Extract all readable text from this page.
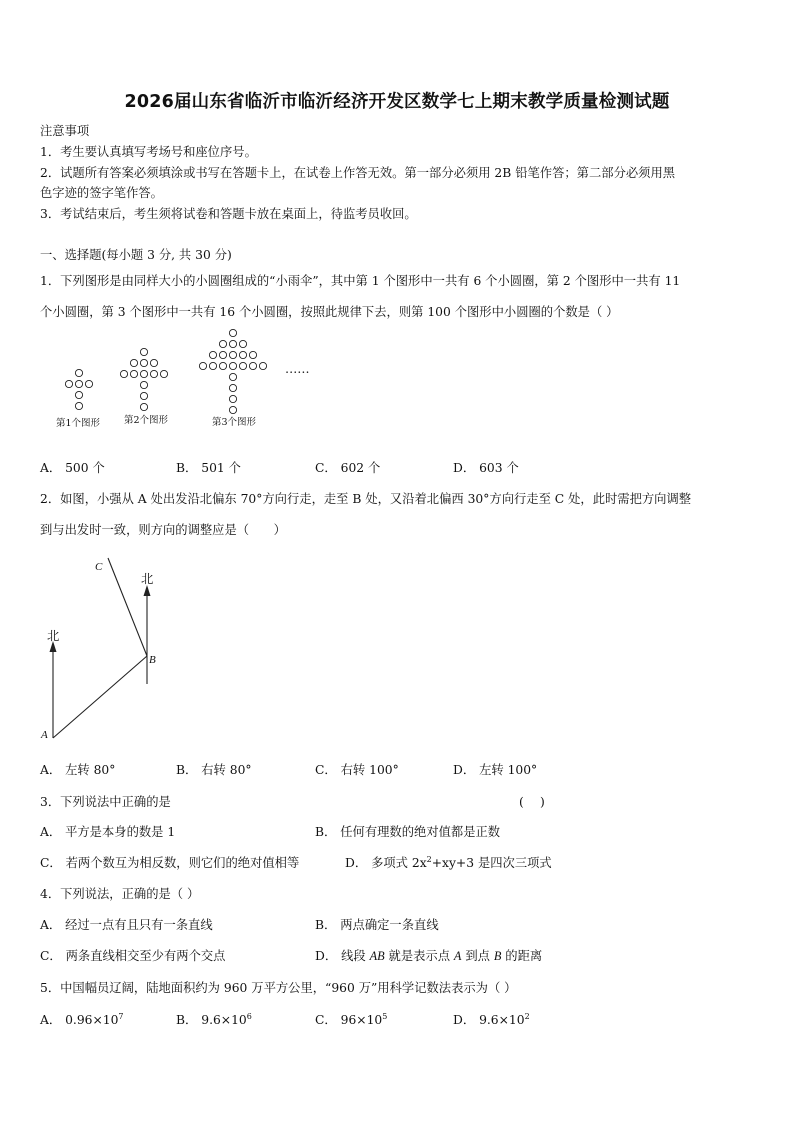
2026届山东省临沂市临沂经济开发区数学七上期末教学质量检测试题
注意事项
1．考生要认真填写考场号和座位序号。
2．试题所有答案必须填涂或书写在答题卡上，在试卷上作答无效。第一部分必须用 2B 铅笔作答；第二部分必须用黑
色字迹的签字笔作答。
3．考试结束后，考生须将试卷和答题卡放在桌面上，待监考员收回。
一、选择题(每小题 3 分, 共 30 分)
1．下列图形是由同样大小的小圆圈组成的“小雨伞”，其中第 1 个图形中一共有 6 个小圆圈，第 2 个图形中一共有 11
个小圆圈，第 3 个图形中一共有 16 个小圆圈，按照此规律下去，则第 100 个图形中小圆圈的个数是（ ）
第1个图形	第2个图形	第3个图形
……
A． 500 个	B． 501 个	C． 602 个	D． 603 个
2．如图，小强从 A 处出发沿北偏东 70°方向行走，走至 B 处，又沿着北偏西 30°方向行走至 C 处，此时需把方向调整
到与出发时一致，则方向的调整应是（　　）
北
北
A
B
C
A． 左转 80°	B． 右转 80°	C． 右转 100°	D． 左转 100°
3．下列说法中正确的是	(　 )
A． 平方是本身的数是 1	B． 任何有理数的绝对值都是正数
C． 若两个数互为相反数，则它们的绝对值相等	D． 多项式 $2x^2+xy+3$ 是四次三项式
4．下列说法，正确的是（ ）
A． 经过一点有且只有一条直线	B． 两点确定一条直线
C． 两条直线相交至少有两个交点	D． 线段 AB 就是表示点 A 到点 B 的距离
5．中国幅员辽阔，陆地面积约为 960 万平方公里，“960 万”用科学记数法表示为（ ）
A． $0.96\times 10^7$	B． $9.6\times 10^6$	C． $96\times 10^5$	D． $9.6\times 10^2$
